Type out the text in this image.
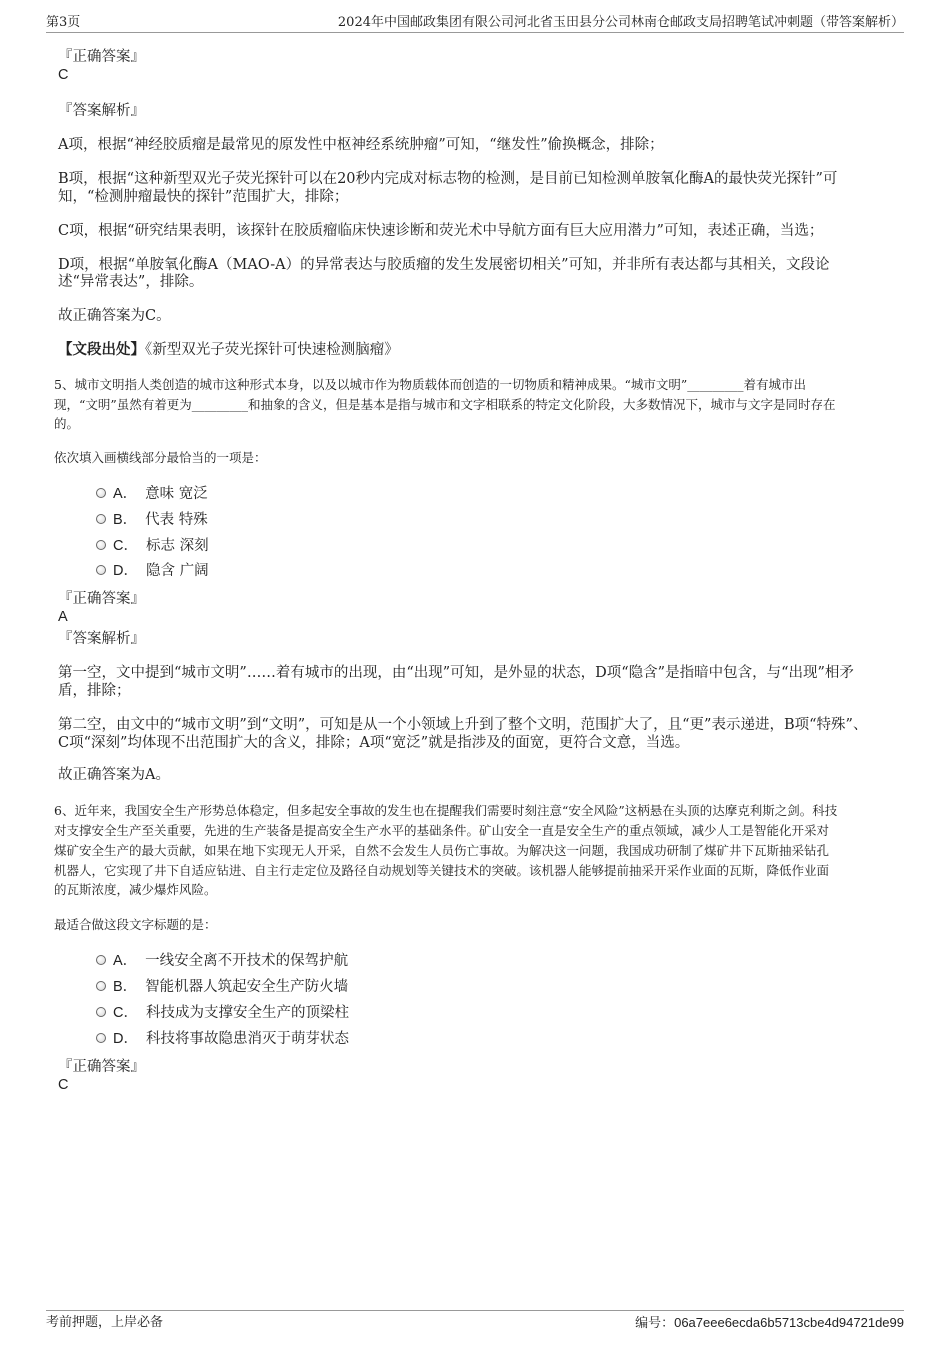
第3页	2024年中国邮政集团有限公司河北省玉田县分公司林南仓邮政支局招聘笔试冲刺题（带答案解析）
『正确答案』
C
『答案解析』
A项，根据“神经胶质瘤是最常见的原发性中枢神经系统肿瘤”可知，“继发性”偷换概念，排除；
B项，根据“这种新型双光子荧光探针可以在20秒内完成对标志物的检测，是目前已知检测单胺氧化酶A的最快荧光探针”可
知，“检测肿瘤最快的探针”范围扩大，排除；
C项，根据“研究结果表明，该探针在胶质瘤临床快速诊断和荧光术中导航方面有巨大应用潜力”可知，表述正确，当选；
D项，根据“单胺氧化酶A（MAO-A）的异常表达与胶质瘤的发生发展密切相关”可知，并非所有表达都与其相关，文段论
述“异常表达”，排除。
故正确答案为C。
【文段出处】《新型双光子荧光探针可快速检测脑瘤》
5、城市文明指人类创造的城市这种形式本身，以及以城市作为物质载体而创造的一切物质和精神成果。“城市文明”_________着有城市出
现，“文明”虽然有着更为_________和抽象的含义，但是基本是指与城市和文字相联系的特定文化阶段，大多数情况下，城市与文字是同时存在
的。
依次填入画横线部分最恰当的一项是：
A． 意味 宽泛
B． 代表 特殊
C． 标志 深刻
D． 隐含 广阔
『正确答案』
A
『答案解析』
第一空，文中提到“城市文明”……着有城市的出现，由“出现”可知，是外显的状态，D项“隐含”是指暗中包含，与“出现”相矛
盾，排除；
第二空，由文中的“城市文明”到“文明”，可知是从一个小领域上升到了整个文明，范围扩大了，且“更”表示递进，B项“特殊”、
C项“深刻”均体现不出范围扩大的含义，排除；A项“宽泛”就是指涉及的面宽，更符合文意，当选。
故正确答案为A。
6、近年来，我国安全生产形势总体稳定，但多起安全事故的发生也在提醒我们需要时刻注意“安全风险”这柄悬在头顶的达摩克利斯之剑。科技
对支撑安全生产至关重要，先进的生产装备是提高安全生产水平的基础条件。矿山安全一直是安全生产的重点领域，减少人工是智能化开采对
煤矿安全生产的最大贡献，如果在地下实现无人开采，自然不会发生人员伤亡事故。为解决这一问题，我国成功研制了煤矿井下瓦斯抽采钻孔
机器人，它实现了井下自适应钻进、自主行走定位及路径自动规划等关键技术的突破。该机器人能够提前抽采开采作业面的瓦斯，降低作业面
的瓦斯浓度，减少爆炸风险。
最适合做这段文字标题的是：
A． 一线安全离不开技术的保驾护航
B． 智能机器人筑起安全生产防火墙
C． 科技成为支撑安全生产的顶梁柱
D． 科技将事故隐患消灭于萌芽状态
『正确答案』
C
考前押题，上岸必备	编号：06a7eee6ecda6b5713cbe4d94721de99
